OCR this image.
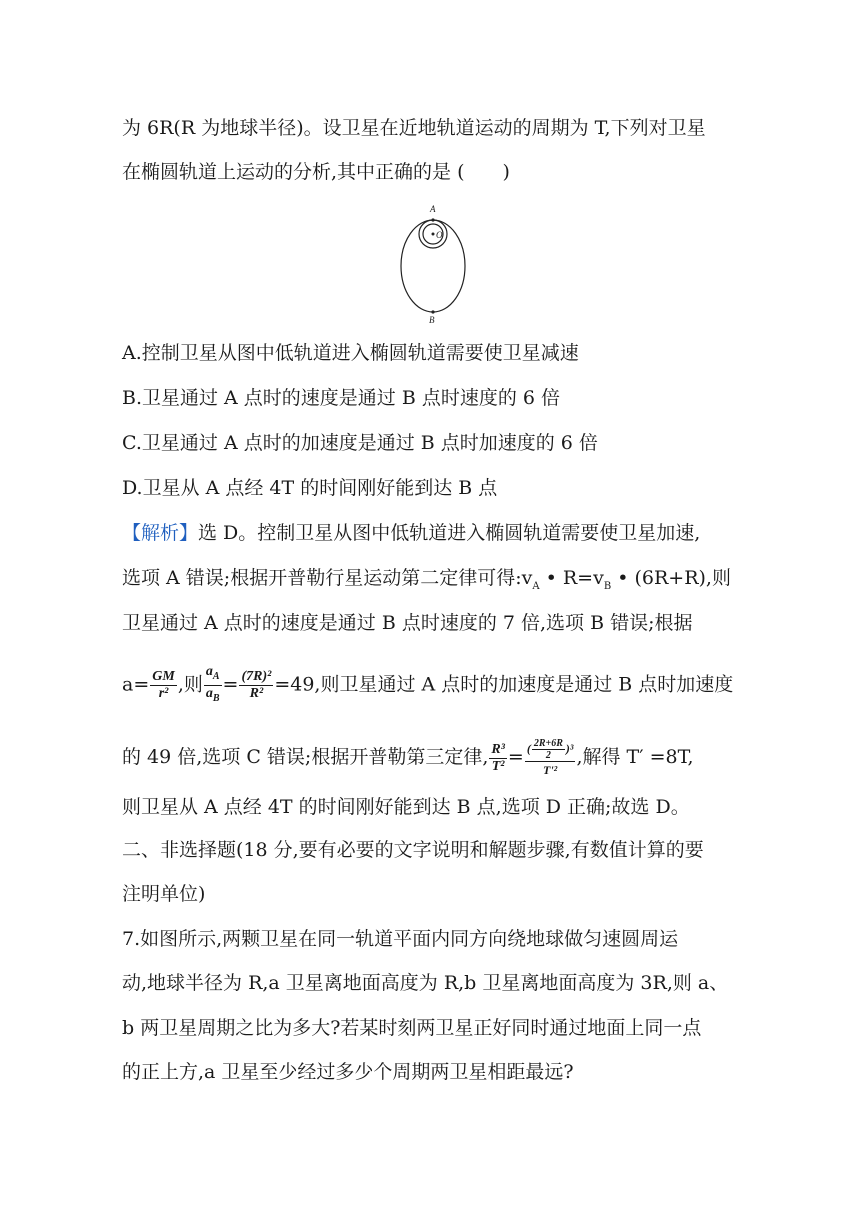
为 6R(R 为地球半径)。设卫星在近地轨道运动的周期为 T,下列对卫星
在椭圆轨道上运动的分析,其中正确的是 (　　)
A
O
B
A.控制卫星从图中低轨道进入椭圆轨道需要使卫星减速
B.卫星通过 A 点时的速度是通过 B 点时速度的 6 倍
C.卫星通过 A 点时的加速度是通过 B 点时加速度的 6 倍
D.卫星从 A 点经 4T 的时间刚好能到达 B 点
【解析】选 D。控制卫星从图中低轨道进入椭圆轨道需要使卫星加速,
选项 A 错误;根据开普勒行星运动第二定律可得$:v_A$ • $R=v_B$ • (6R+R),则
卫星通过 A 点时的速度是通过 B 点时速度的 7 倍,选项 B 错误;根据
$a= \frac{GM}{\text{r²}}$ ,则 $\frac{a_A}{a_B} = \frac{\text{(7R)²}}{\text{R²}} =49$,则卫星通过 A 点时的加速度是通过 B 点时加速度
的 49 倍,选项 C 错误;根据开普勒第三定律, $\frac{\text{R³}}{\text{T²}} = \frac{( \frac{2R+6R}{2} )^3}{\text{T'²}}$ ,解得 T′ =8T,
则卫星从 A 点经 4T 的时间刚好能到达 B 点,选项 D 正确;故选 D。
二、非选择题(18 分,要有必要的文字说明和解题步骤,有数值计算的要
注明单位)
7.如图所示,两颗卫星在同一轨道平面内同方向绕地球做匀速圆周运
动,地球半径为 R,a 卫星离地面高度为 R,b 卫星离地面高度为 3R,则 a、
b 两卫星周期之比为多大?若某时刻两卫星正好同时通过地面上同一点
的正上方,a 卫星至少经过多少个周期两卫星相距最远?
